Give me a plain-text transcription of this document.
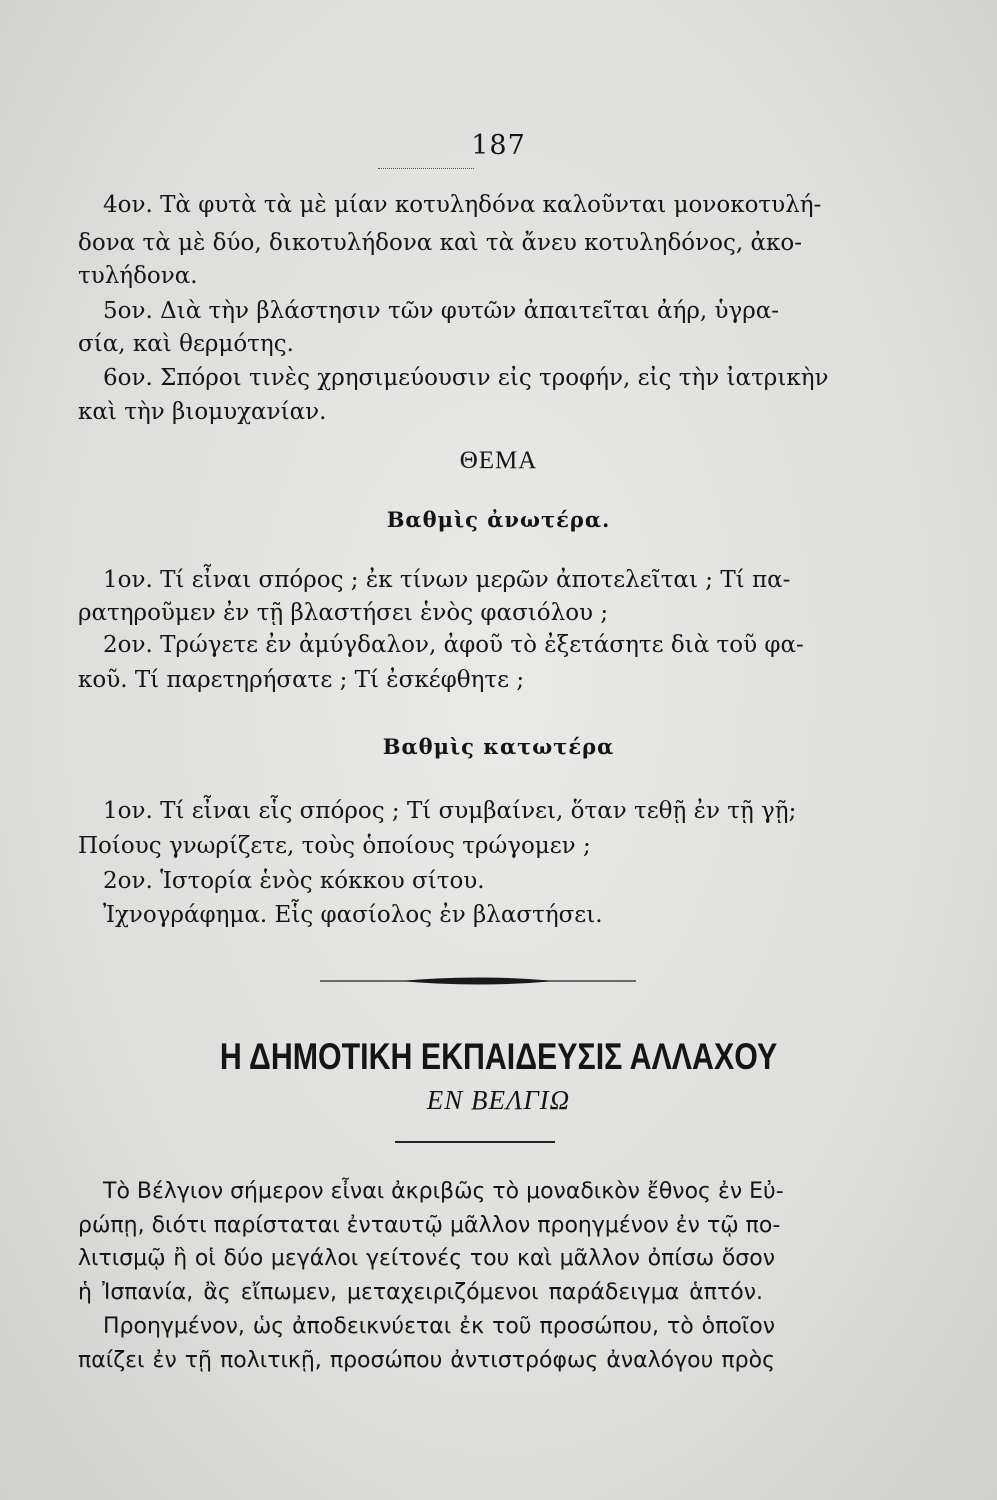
187
4ον. Τὰ φυτὰ τὰ μὲ μίαν κοτυληδόνα καλοῦνται μονοκοτυλή-
δονα τὰ μὲ δύο, δικοτυλήδονα καὶ τὰ ἄνευ κοτυληδόνος, ἀκο-
τυλήδονα.
5ον. Διὰ τὴν βλάστησιν τῶν φυτῶν ἀπαιτεῖται ἀήρ, ὑγρα-
σία, καὶ θερμότης.
6ον. Σπόροι τινὲς χρησιμεύουσιν εἰς τροφήν, εἰς τὴν ἰατρικὴν
καὶ τὴν βιομυχανίαν.
ΘΕΜΑ
Βαθμὶς ἀνωτέρα.
1ον. Τί εἶναι σπόρος ; ἐκ τίνων μερῶν ἀποτελεῖται ; Τί πα-
ρατηροῦμεν ἐν τῇ βλαστήσει ἑνὸς φασιόλου ;
2ον. Τρώγετε ἐν ἀμύγδαλον, ἀφοῦ τὸ ἐξετάσητε διὰ τοῦ φα-
κοῦ. Τί παρετηρήσατε ; Τί ἐσκέφθητε ;
Βαθμὶς κατωτέρα
1ον. Τί εἶναι εἷς σπόρος ; Τί συμβαίνει, ὅταν τεθῇ ἐν τῇ γῇ;
Ποίους γνωρίζετε, τοὺς ὁποίους τρώγομεν ;
2ον. Ἱστορία ἑνὸς κόκκου σίτου.
Ἰχνογράφημα. Εἷς φασίολος ἐν βλαστήσει.
Η ΔΗΜΟΤΙΚΗ ΕΚΠΑΙΔΕΥΣΙΣ ΑΛΛΑΧΟΥ
ΕΝ ΒΕΛΓΙΩ
Τὸ Βέλγιον σήμερον εἶναι ἀκριβῶς τὸ μοναδικὸν ἔθνος ἐν Εὐ-
ρώπῃ, διότι παρίσταται ἐνταυτῷ μᾶλλον προηγμένον ἐν τῷ πο-
λιτισμῷ ἢ οἱ δύο μεγάλοι γείτονές του καὶ μᾶλλον ὀπίσω ὅσον
ἡ Ἰσπανία, ἂς εἴπωμεν, μεταχειριζόμενοι παράδειγμα ἁπτόν.
Προηγμένον, ὡς ἀποδεικνύεται ἐκ τοῦ προσώπου, τὸ ὁποῖον
παίζει ἐν τῇ πολιτικῇ, προσώπου ἀντιστρόφως ἀναλόγου πρὸς
